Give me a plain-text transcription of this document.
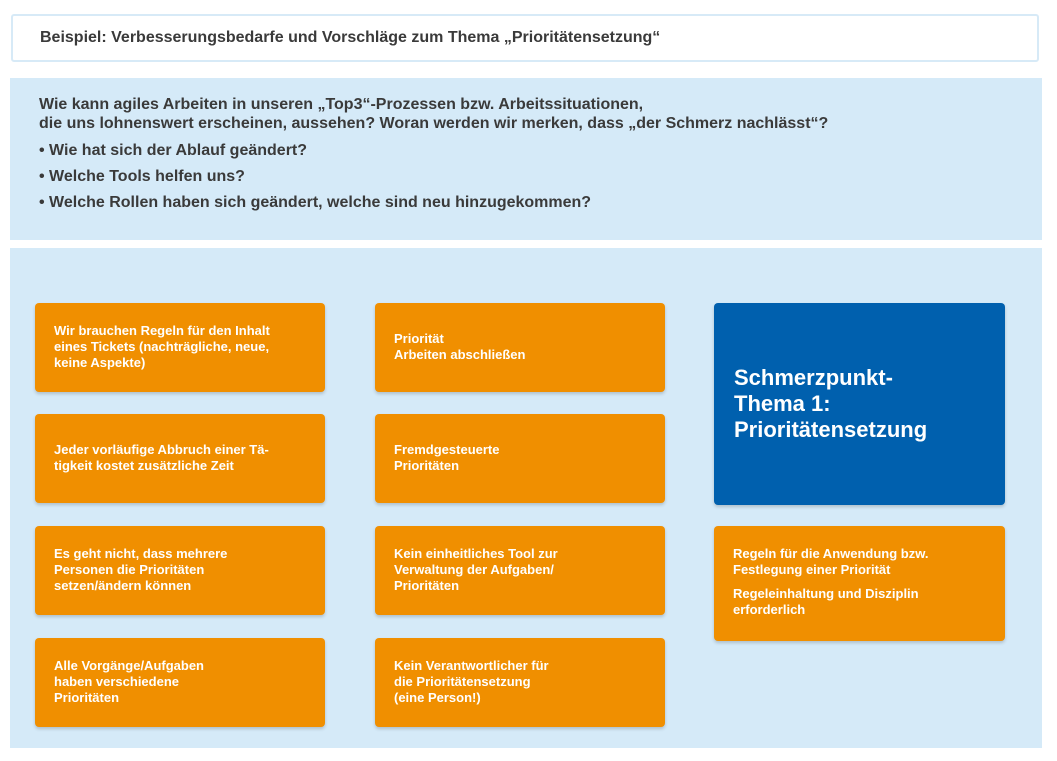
Beispiel: Verbesserungsbedarfe und Vorschläge zum Thema „Prioritätensetzung“
Wie kann agiles Arbeiten in unseren „Top3“-Prozessen bzw. Arbeitssituationen,
die uns lohnenswert erscheinen, aussehen? Woran werden wir merken, dass „der Schmerz nachlässt“?
• Wie hat sich der Ablauf geändert?
• Welche Tools helfen uns?
• Welche Rollen haben sich geändert, welche sind neu hinzugekommen?
Wir brauchen Regeln für den Inhalt
eines Tickets (nachträgliche, neue,
keine Aspekte)
Jeder vorläufige Abbruch einer Tä-
tigkeit kostet zusätzliche Zeit
Es geht nicht, dass mehrere
Personen die Prioritäten
setzen/ändern können
Alle Vorgänge/Aufgaben
haben verschiedene
Prioritäten
Priorität
Arbeiten abschließen
Fremdgesteuerte
Prioritäten
Kein einheitliches Tool zur
Verwaltung der Aufgaben/
Prioritäten
Kein Verantwortlicher für
die Prioritätensetzung
(eine Person!)
Schmerzpunkt-
Thema 1:
Prioritätensetzung
Regeln für die Anwendung bzw.
Festlegung einer Priorität
Regeleinhaltung und Disziplin
erforderlich
